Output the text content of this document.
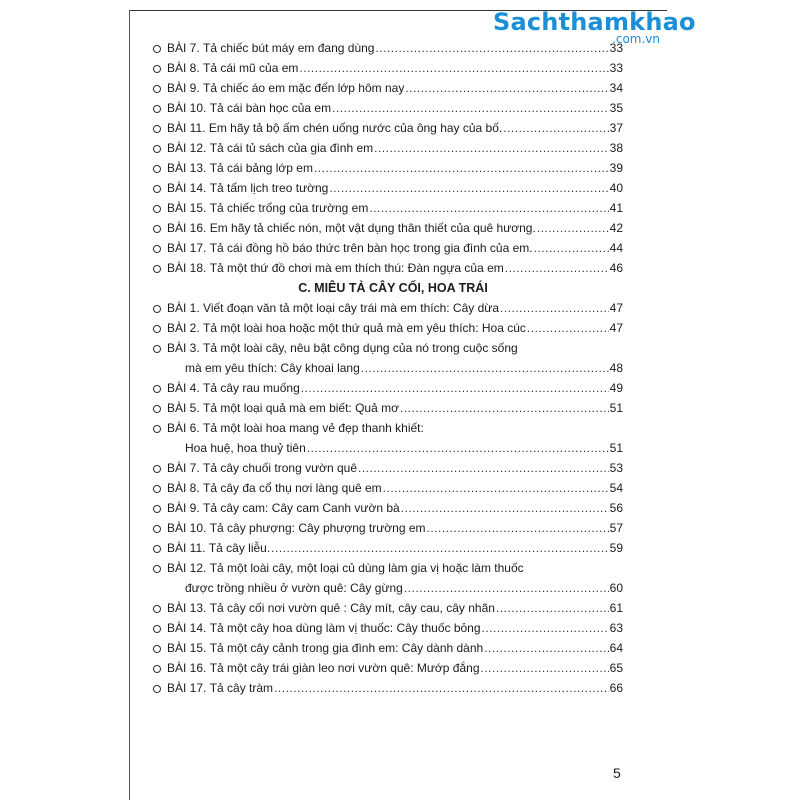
Sachthamkhao
.com.vn
BÀI 7.
Tả chiếc bút máy em đang dùng .....	33
BÀI 8.
Tả cái mũ của em .....	33
BÀI 9.
Tả chiếc áo em mặc đến lớp hôm nay .....	34
BÀI 10.
Tả cái bàn học của em .....	35
BÀI 11.
Em hãy tả bộ ấm chén uống nước của ông hay của bố. .....	37
BÀI 12.
Tả cái tủ sách của gia đình em .....	38
BÀI 13.
Tả cái bảng lớp em .....	39
BÀI 14.
Tả tấm lịch treo tường .....	40
BÀI 15.
Tả chiếc trống của trường em .....	41
BÀI 16.
Em hãy tả chiếc nón, một vật dụng thân thiết của quê hương. .....	42
BÀI 17.
Tả cái đồng hồ báo thức trên bàn học trong gia đình của em. .....	44
BÀI 18.
Tả một thứ đồ chơi mà em thích thú: Đàn ngựa của em .....	46
C. MIÊU TẢ CÂY CỐI, HOA TRÁI
BÀI 1.
Viết đoạn văn tả một loại cây trái mà em thích: Cây dừa .....	47
BÀI 2.
Tả một loài hoa hoặc một thứ quả mà em yêu thích: Hoa cúc .....	47
BÀI 3.
Tả một loài cây, nêu bật công dụng của nó trong cuộc sống
mà em yêu thích: Cây khoai lang .....	48
BÀI 4.
Tả cây rau muống .....	49
BÀI 5.
Tả một loại quả mà em biết: Quả mơ .....	51
BÀI 6.
Tả một loài hoa mang vẻ đẹp thanh khiết:
Hoa huệ, hoa thuỷ tiên .....	51
BÀI 7.
Tả cây chuối trong vườn quê .....	53
BÀI 8.
Tả cây đa cổ thụ nơi làng quê em .....	54
BÀI 9.
Tả cây cam: Cây cam Canh vườn bà .....	56
BÀI 10.
Tả cây phượng: Cây phượng trường em .....	57
BÀI 11.
Tả cây liễu. .....	59
BÀI 12.
Tả một loài cây, một loại củ dùng làm gia vị hoặc làm thuốc
được trồng nhiều ở vườn quê: Cây gừng .....	60
BÀI 13.
Tả cây cối nơi vườn quê : Cây mít, cây cau, cây nhãn .....	61
BÀI 14.
Tả một cây hoa dùng làm vị thuốc: Cây thuốc bỏng .....	63
BÀI 15.
Tả một cây cảnh trong gia đình em: Cây dành dành .....	64
BÀI 16.
Tả một cây trái giàn leo nơi vườn quê: Mướp đắng .....	65
BÀI 17.
Tả cây tràm .....	66
5
